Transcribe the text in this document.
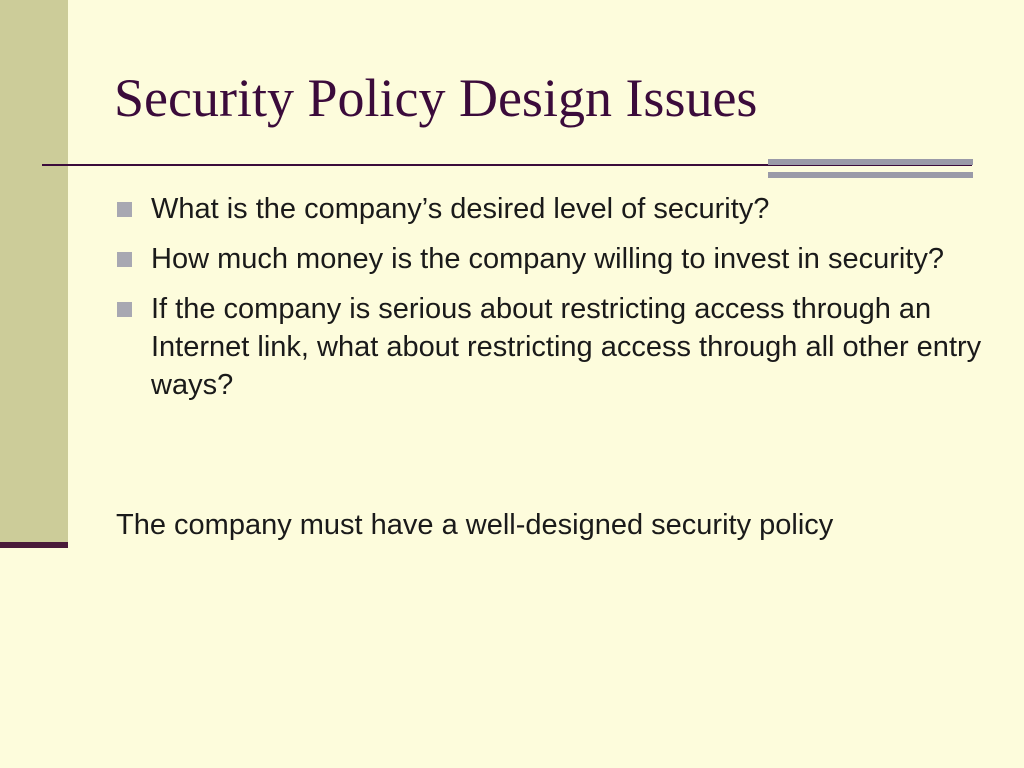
Security Policy Design Issues
What is the company’s desired level of security?
How much money is the company willing to invest in security?
If the company is serious about restricting access through an Internet link, what about restricting access through all other entry ways?

The company must have a well-designed security policy
